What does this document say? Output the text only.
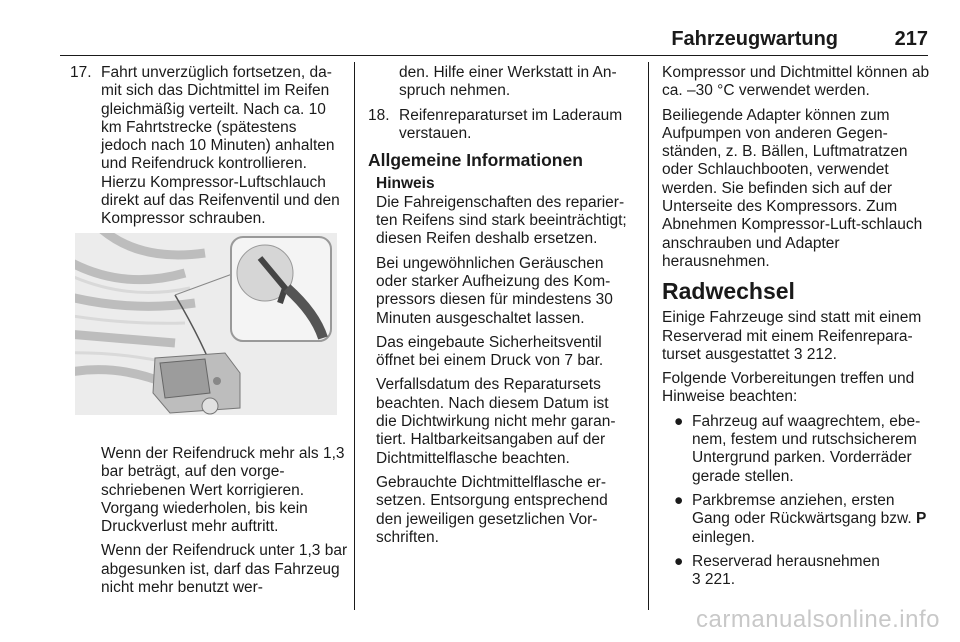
Fahrzeugwartung	217
17. Fahrt unverzüglich fortsetzen, da-mit sich das Dichtmittel im Reifen gleichmäßig verteilt. Nach ca. 10 km Fahrtstrecke (spätestens jedoch nach 10 Minuten) anhalten und Reifendruck kontrollieren. Hierzu Kompressor-Luftschlauch direkt auf das Reifenventil und den Kompressor schrauben.

Wenn der Reifendruck mehr als 1,3 bar beträgt, auf den vorge-schriebenen Wert korrigieren. Vorgang wiederholen, bis kein Druckverlust mehr auftritt.

Wenn der Reifendruck unter 1,3 bar abgesunken ist, darf das Fahrzeug nicht mehr benutzt wer-

den. Hilfe einer Werkstatt in An-spruch nehmen.

18. Reifenreparaturset im Laderaum verstauen.
Allgemeine Informationen
Hinweis

Die Fahreigenschaften des reparier-ten Reifens sind stark beeinträchtigt; diesen Reifen deshalb ersetzen.

Bei ungewöhnlichen Geräuschen oder starker Aufheizung des Kom-pressors diesen für mindestens 30 Minuten ausgeschaltet lassen.

Das eingebaute Sicherheitsventil öffnet bei einem Druck von 7 bar.

Verfallsdatum des Reparatursets beachten. Nach diesem Datum ist die Dichtwirkung nicht mehr garan-tiert. Haltbarkeitsangaben auf der Dichtmittelflasche beachten.

Gebrauchte Dichtmittelflasche er-setzen. Entsorgung entsprechend den jeweiligen gesetzlichen Vor-schriften.

Kompressor und Dichtmittel können ab ca. –30 °C verwendet werden.

Beiliegende Adapter können zum Aufpumpen von anderen Gegen-ständen, z. B. Bällen, Luftmatratzen oder Schlauchbooten, verwendet werden. Sie befinden sich auf der Unterseite des Kompressors. Zum Abnehmen Kompressor-Luft-schlauch anschrauben und Adapter herausnehmen.

Radwechsel

Einige Fahrzeuge sind statt mit einem Reserverad mit einem Reifenrepara-turset ausgestattet 3 212.

Folgende Vorbereitungen treffen und Hinweise beachten:

● Fahrzeug auf waagrechtem, ebe-nem, festem und rutschsicherem Untergrund parken. Vorderräder gerade stellen.
● Parkbremse anziehen, ersten Gang oder Rückwärtsgang bzw. P einlegen.
● Reserverad herausnehmen
3 221.
carmanualsonline.info
